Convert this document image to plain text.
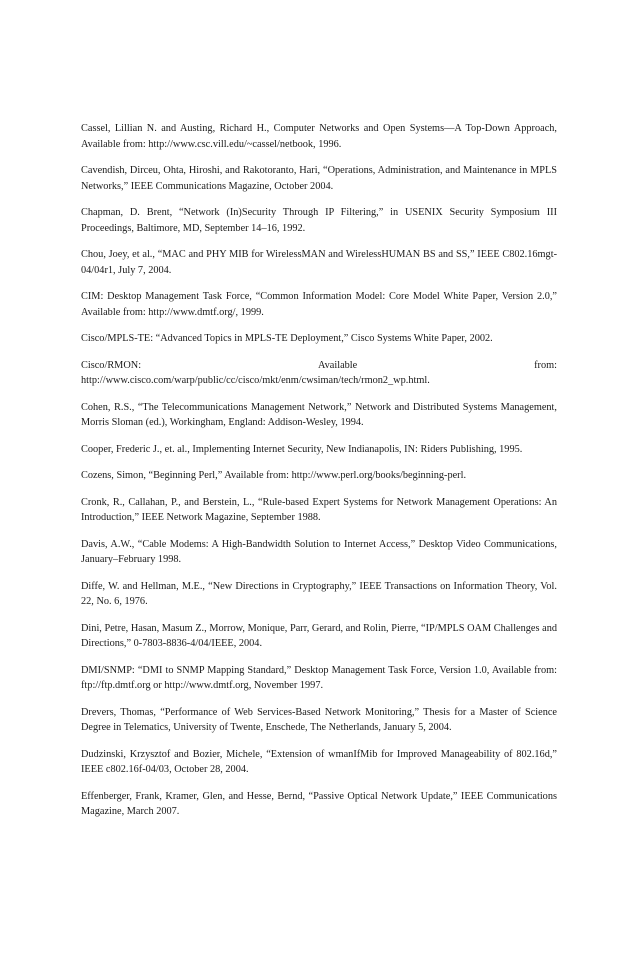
Cassel, Lillian N. and Austing, Richard H., Computer Networks and Open Systems—A Top-Down Approach, Available from: http://www.csc.vill.edu/~cassel/netbook, 1996.

Cavendish, Dirceu, Ohta, Hiroshi, and Rakotoranto, Hari, “Operations, Administration, and Maintenance in MPLS Networks,” IEEE Communications Magazine, October 2004.

Chapman, D. Brent, “Network (In)Security Through IP Filtering,” in USENIX Security Symposium III Proceedings, Baltimore, MD, September 14–16, 1992.

Chou, Joey, et al., “MAC and PHY MIB for WirelessMAN and WirelessHUMAN BS and SS,” IEEE C802.16mgt-04/04r1, July 7, 2004.

CIM: Desktop Management Task Force, “Common Information Model: Core Model White Paper, Version 2.0,” Available from: http://www.dmtf.org/, 1999.

Cisco/MPLS-TE: “Advanced Topics in MPLS-TE Deployment,” Cisco Systems White Paper, 2002.

Cisco/RMON:	Available	from:
http://www.cisco.com/warp/public/cc/cisco/mkt/enm/cwsiman/tech/rmon2_wp.html.

Cohen, R.S., “The Telecommunications Management Network,” Network and Distributed Systems Management, Morris Sloman (ed.), Workingham, England: Addison-Wesley, 1994.

Cooper, Frederic J., et. al., Implementing Internet Security, New Indianapolis, IN: Riders Publishing, 1995.

Cozens, Simon, “Beginning Perl,” Available from: http://www.perl.org/books/beginning-perl.

Cronk, R., Callahan, P., and Berstein, L., “Rule-based Expert Systems for Network Management Operations: An Introduction,” IEEE Network Magazine, September 1988.

Davis, A.W., “Cable Modems: A High-Bandwidth Solution to Internet Access,” Desktop Video Communications, January–February 1998.

Diffe, W. and Hellman, M.E., “New Directions in Cryptography,” IEEE Transactions on Information Theory, Vol. 22, No. 6, 1976.

Dini, Petre, Hasan, Masum Z., Morrow, Monique, Parr, Gerard, and Rolin, Pierre, “IP/MPLS OAM Challenges and Directions,” 0-7803-8836-4/04/IEEE, 2004.

DMI/SNMP: “DMI to SNMP Mapping Standard,” Desktop Management Task Force, Version 1.0, Available from: ftp://ftp.dmtf.org or http://www.dmtf.org, November 1997.

Drevers, Thomas, “Performance of Web Services-Based Network Monitoring,” Thesis for a Master of Science Degree in Telematics, University of Twente, Enschede, The Netherlands, January 5, 2004.

Dudzinski, Krzysztof and Bozier, Michele, “Extension of wmanIfMib for Improved Manageability of 802.16d,” IEEE c802.16f-04/03, October 28, 2004.

Effenberger, Frank, Kramer, Glen, and Hesse, Bernd, “Passive Optical Network Update,” IEEE Communications Magazine, March 2007.
